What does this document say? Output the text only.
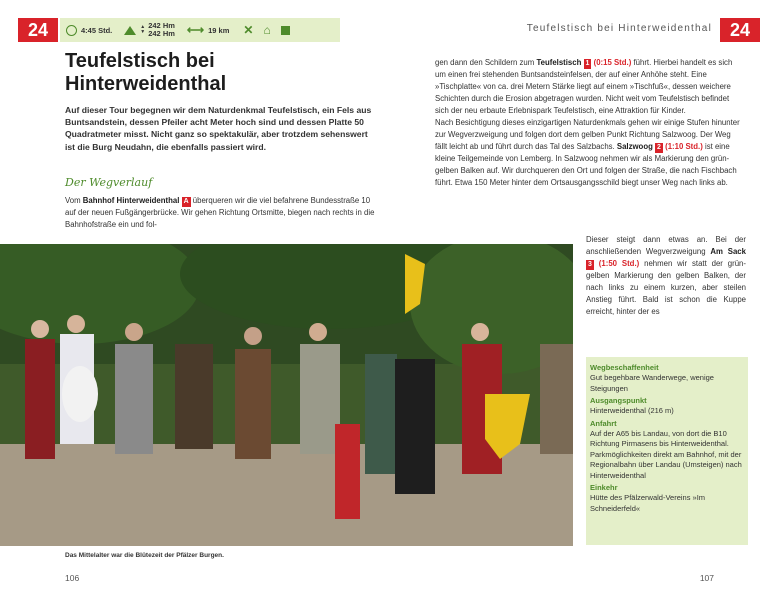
24	4:45 Std.	▲
▼
242 Hm
242 Hm ⟷ 19 km ✕ ⌂
Teufelstisch bei Hinterweidenthal

Auf dieser Tour begegnen wir dem Naturdenkmal Teufelstisch, ein Fels aus Buntsandstein, dessen Pfeiler acht Meter hoch sind und dessen Platte 50 Quadratmeter misst. Nicht ganz so spektakulär, aber trotzdem sehenswert ist die Burg Neudahn, die ebenfalls passiert wird.

Der Wegverlauf

Vom Bahnhof Hinterweidenthal A überqueren wir die viel befahrene Bundesstraße 10 auf der neuen Fußgängerbrücke. Wir gehen Richtung Ortsmitte, biegen nach rechts in die Bahnhofstraße ein und fol-

Das Mittelalter war die Blütezeit der Pfälzer Burgen.
106
Teufelstisch bei Hinterweidenthal 24

gen dann den Schildern zum Teufelstisch 1 (0:15 Std.) führt. Hierbei handelt es sich um einen frei stehenden Buntsandsteinfelsen, der auf einer Anhöhe steht. Eine »Tischplatte« von ca. drei Metern Stärke liegt auf einem »Tischfuß«, dessen weichere Schichten durch die Erosion abgetragen wurden. Nicht weit vom Teufelstisch befindet sich der neu erbaute Erlebnispark Teufelstisch, eine Attraktion für Kinder.
Nach Besichtigung dieses einzigartigen Naturdenkmals gehen wir einige Stufen hinunter zur Wegverzweigung und folgen dort dem gelben Punkt Richtung Salzwoog. Der Weg fällt leicht ab und führt durch das Tal des Salzbachs. Salzwoog 2 (1:10 Std.) ist eine kleine Teilgemeinde von Lemberg. In Salzwoog nehmen wir als Markierung den grün-gelben Balken auf. Wir durchqueren den Ort und folgen der Straße, die nach Fischbach führt. Etwa 150 Meter hinter dem Ortsausgangsschild biegt unser Weg nach links ab.

Dieser steigt dann etwas an. Bei der anschließenden Wegverzweigung Am Sack 3 (1:50 Std.) nehmen wir statt der grün-gelben Markierung den gelben Balken, der nach links zu einem kurzen, aber steilen Anstieg führt. Bald ist schon die Kuppe erreicht, hinter der es

Wegbeschaffenheit

Gut begehbare Wanderwege, wenige Steigungen

Ausgangspunkt

Hinterweidenthal (216 m)

Anfahrt

Auf der A65 bis Landau, von dort die B10 Richtung Pirmasens bis Hinterweidenthal. Parkmöglichkeiten direkt am Bahnhof, mit der Regionalbahn über Landau (Umsteigen) nach Hinterweidenthal

Einkehr

Hütte des Pfälzerwald-Vereins »Im Schneiderfeld«

107
